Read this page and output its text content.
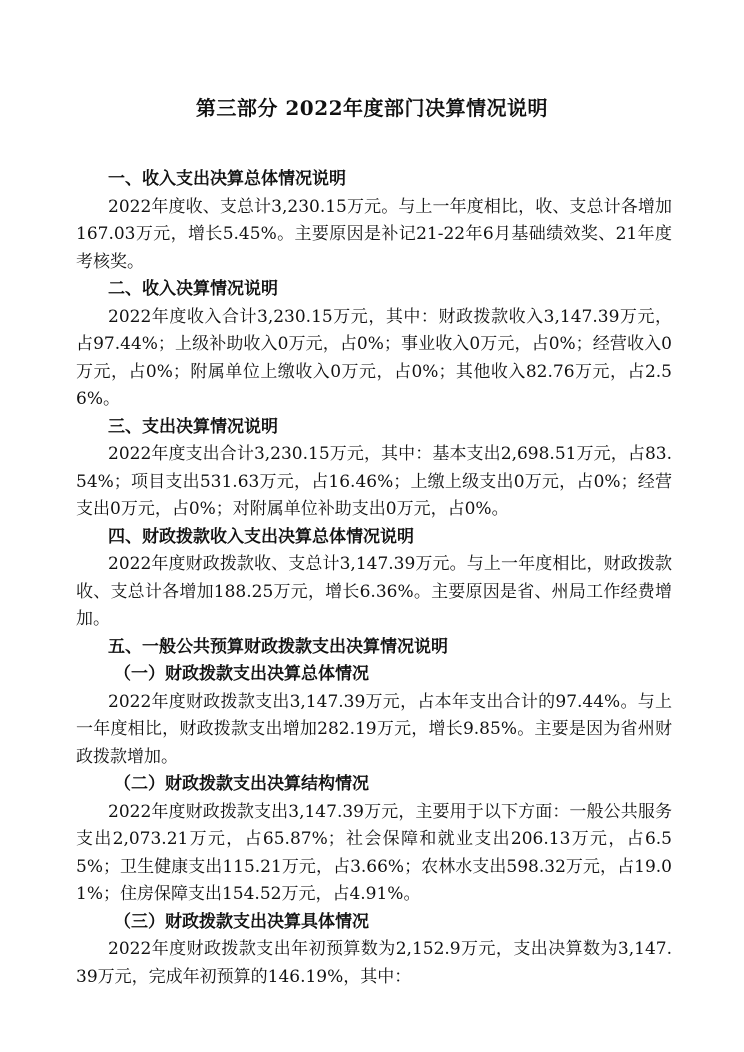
第三部分 2022年度部门决算情况说明

一、收入支出决算总体情况说明

2022年度收、支总计3,230.15万元。与上一年度相比，收、支总计各增加167.03万元，增长5.45%。主要原因是补记21-22年6月基础绩效奖、21年度考核奖。

二、收入决算情况说明

2022年度收入合计3,230.15万元，其中：财政拨款收入3,147.39万元，占97.44%；上级补助收入0万元，占0%；事业收入0万元，占0%；经营收入0万元，占0%；附属单位上缴收入0万元，占0%；其他收入82.76万元，占2.56%。

三、支出决算情况说明

2022年度支出合计3,230.15万元，其中：基本支出2,698.51万元，占83.54%；项目支出531.63万元，占16.46%；上缴上级支出0万元，占0%；经营支出0万元，占0%；对附属单位补助支出0万元，占0%。

四、财政拨款收入支出决算总体情况说明

2022年度财政拨款收、支总计3,147.39万元。与上一年度相比，财政拨款收、支总计各增加188.25万元，增长6.36%。主要原因是省、州局工作经费增加。

五、一般公共预算财政拨款支出决算情况说明

（一）财政拨款支出决算总体情况

2022年度财政拨款支出3,147.39万元，占本年支出合计的97.44%。与上一年度相比，财政拨款支出增加282.19万元，增长9.85%。主要是因为省州财政拨款增加。

（二）财政拨款支出决算结构情况

2022年度财政拨款支出3,147.39万元，主要用于以下方面：一般公共服务支出2,073.21万元，占65.87%；社会保障和就业支出206.13万元，占6.55%；卫生健康支出115.21万元，占3.66%；农林水支出598.32万元，占19.01%；住房保障支出154.52万元，占4.91%。

（三）财政拨款支出决算具体情况

2022年度财政拨款支出年初预算数为2,152.9万元，支出决算数为3,147.39万元，完成年初预算的146.19%，其中：
